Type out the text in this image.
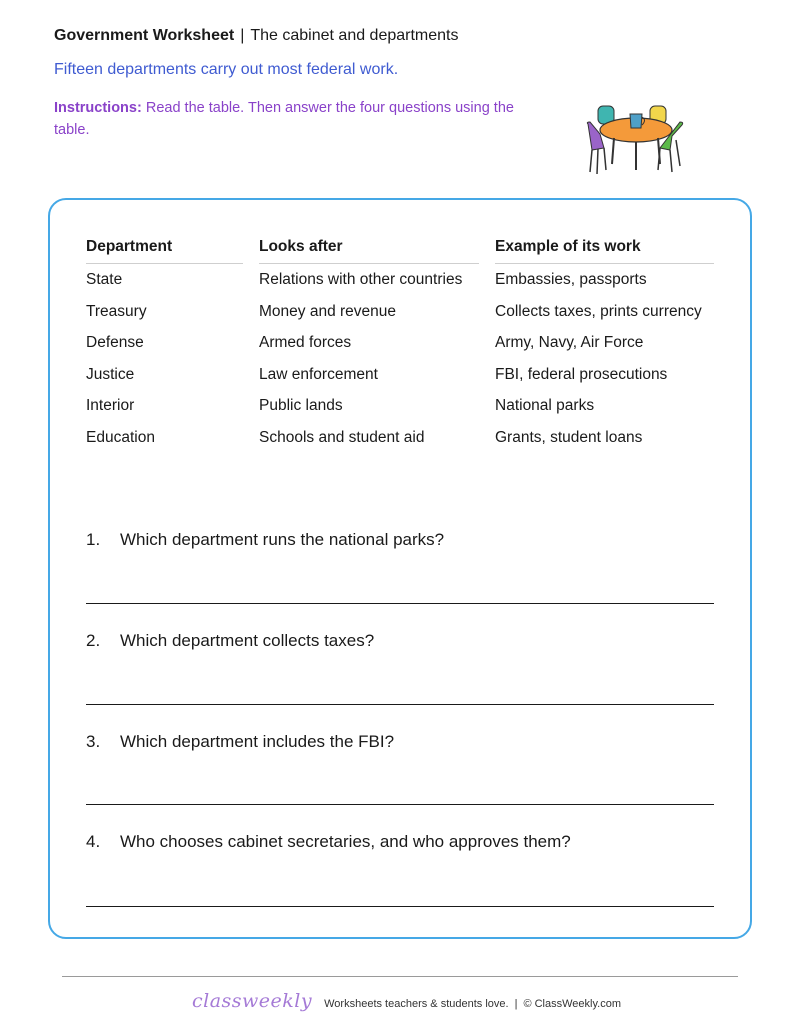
Government Worksheet | The cabinet and departments
Fifteen departments carry out most federal work.
Instructions: Read the table. Then answer the four questions using the table.
Department	Looks after	Example of its work
State	Relations with other countries	Embassies, passports
Treasury	Money and revenue	Collects taxes, prints currency
Defense	Armed forces	Army, Navy, Air Force
Justice	Law enforcement	FBI, federal prosecutions
Interior	Public lands	National parks
Education	Schools and student aid	Grants, student loans
1. Which department runs the national parks?
2. Which department collects taxes?
3. Which department includes the FBI?
4. Who chooses cabinet secretaries, and who approves them?
classweekly Worksheets teachers & students love. | © ClassWeekly.com
